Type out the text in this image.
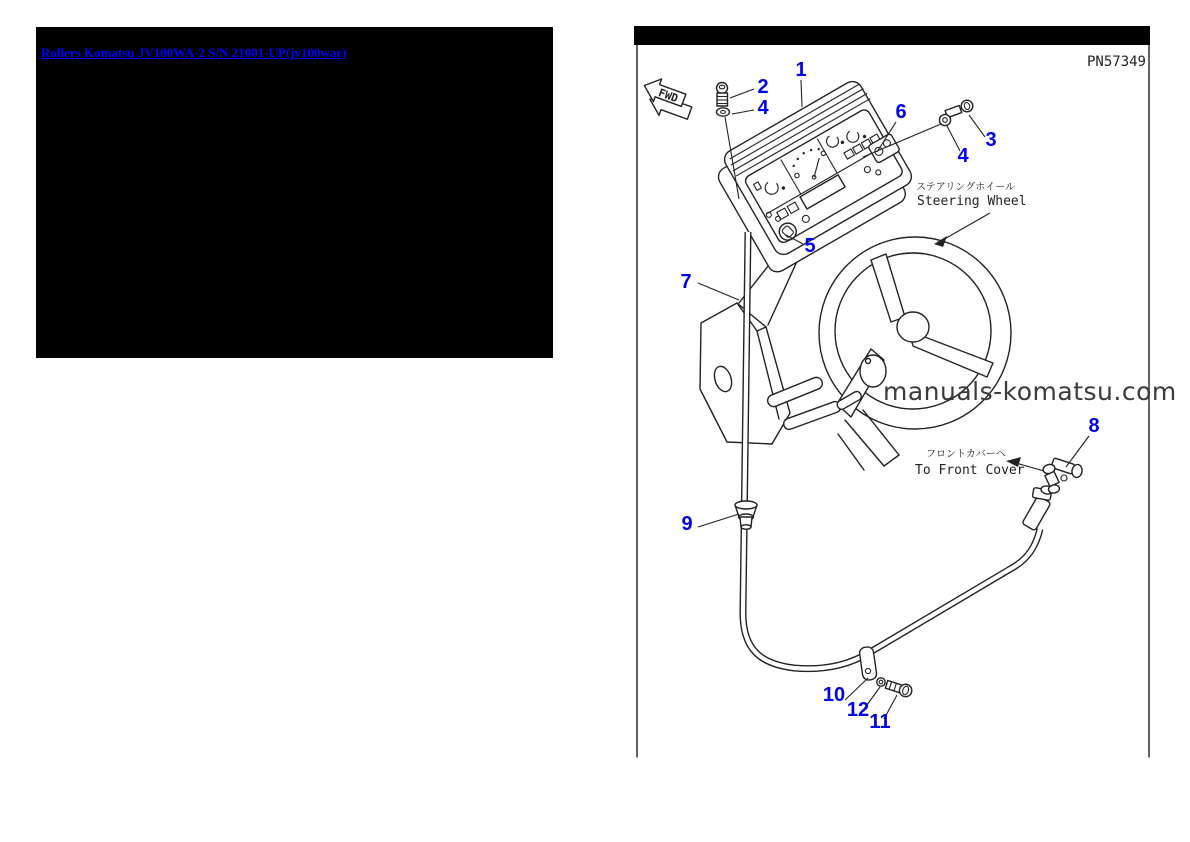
Rollers Komatsu JV100WA-2 S/N 21001-UP(jv100war)
PN57349
FWD
ステアリングホイール
Steering Wheel
フロントカバーへ
To Front Cover
1
2
4	6
3
4
5
7
8
9
10
12
11
manuals-komatsu.com
